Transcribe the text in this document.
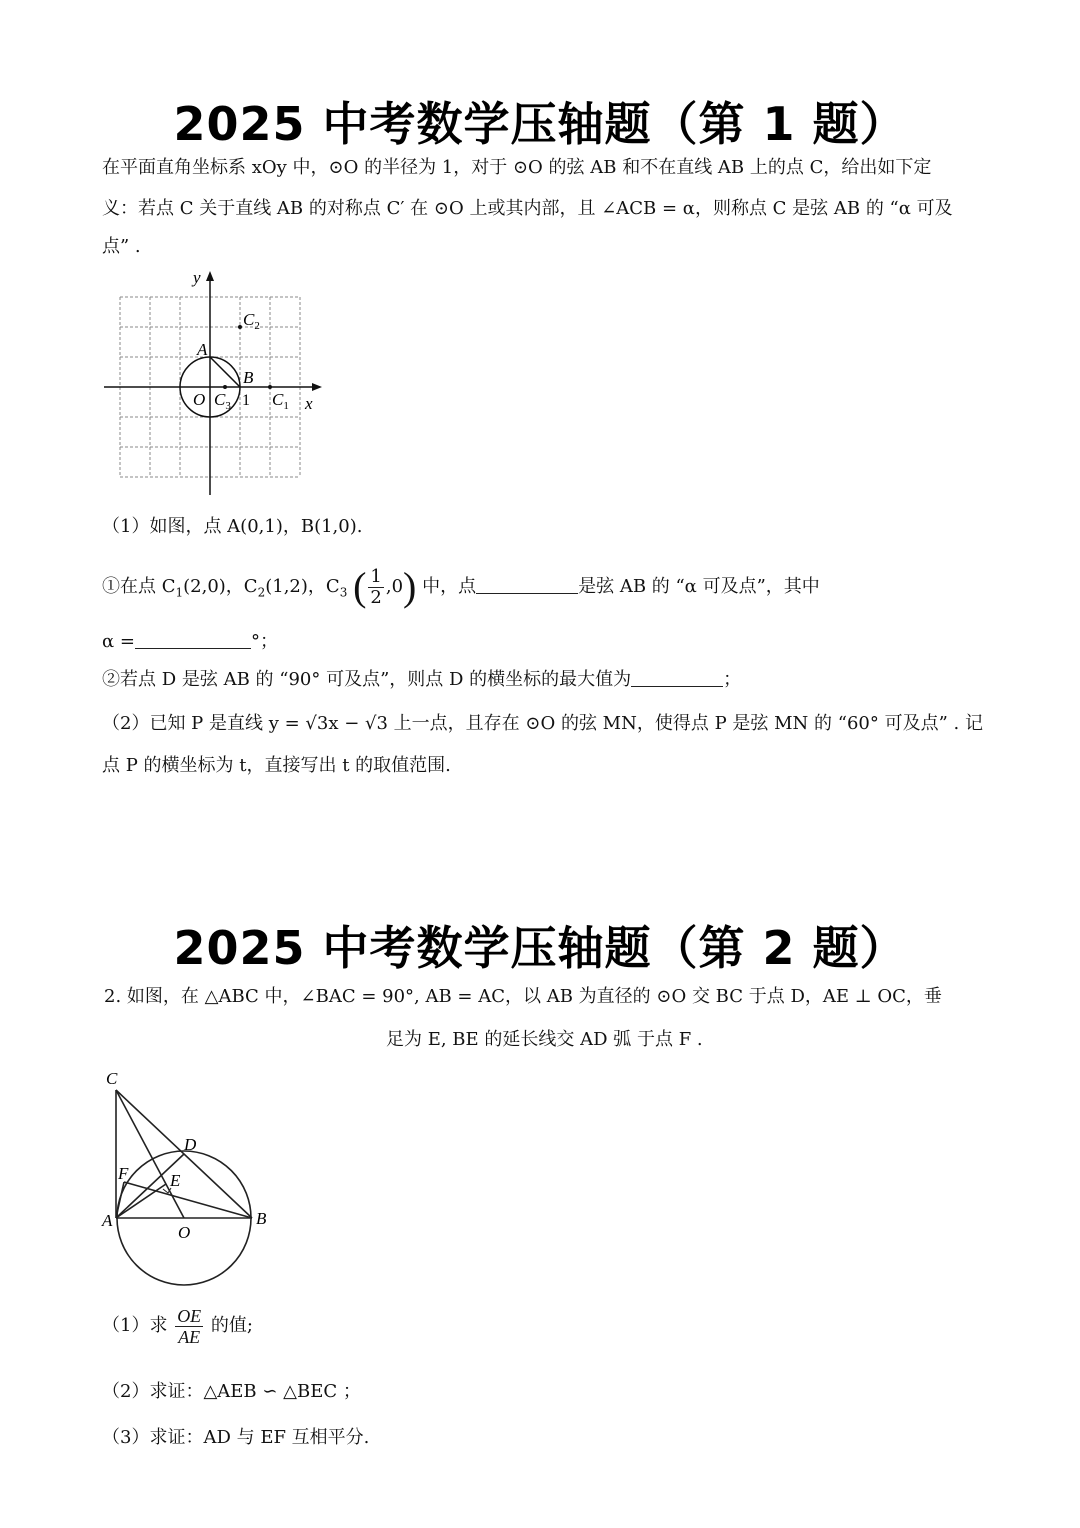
2025 中考数学压轴题（第 1 题）
在平面直角坐标系 xOy 中，⊙O 的半径为 1，对于 ⊙O 的弦 AB 和不在直线 AB 上的点 C，给出如下定
义：若点 C 关于直线 AB 的对称点 C′ 在 ⊙O 上或其内部，且 ∠ACB = α，则称点 C 是弦 AB 的 “α 可及
点” .
y
x
A
B
O 1 $C_1$
$C_2$
$C_3$
（1）如图，点 A(0,1)，B(1,0).
①在点 $C_1(2,0)$，$C_2(1,2)$，$C_3$ ( $\frac{1}{2} ,0$) 中，点	是弦 AB 的 “α 可及点”，其中
α =	°；
②若点 D 是弦 AB 的 “90° 可及点”，则点 D 的横坐标的最大值为	；
（2）已知 P 是直线 y = √3x − √3 上一点，且存在 ⊙O 的弦 MN，使得点 P 是弦 MN 的 “60° 可及点” . 记
点 P 的横坐标为 t，直接写出 t 的取值范围.
2025 中考数学压轴题（第 2 题）
2. 如图，在 △ABC 中，∠BAC = 90°, AB = AC，以 AB 为直径的 ⊙O 交 BC 于点 D，AE ⊥ OC，垂
足为 E, BE 的延长线交 AD 弧 于点 F .
C
D
F E
A
O
B
（1）求 $\frac{OE}{AE}$ 的值;
（2）求证：△AEB ∽ △BEC ；
（3）求证：AD 与 EF 互相平分.
